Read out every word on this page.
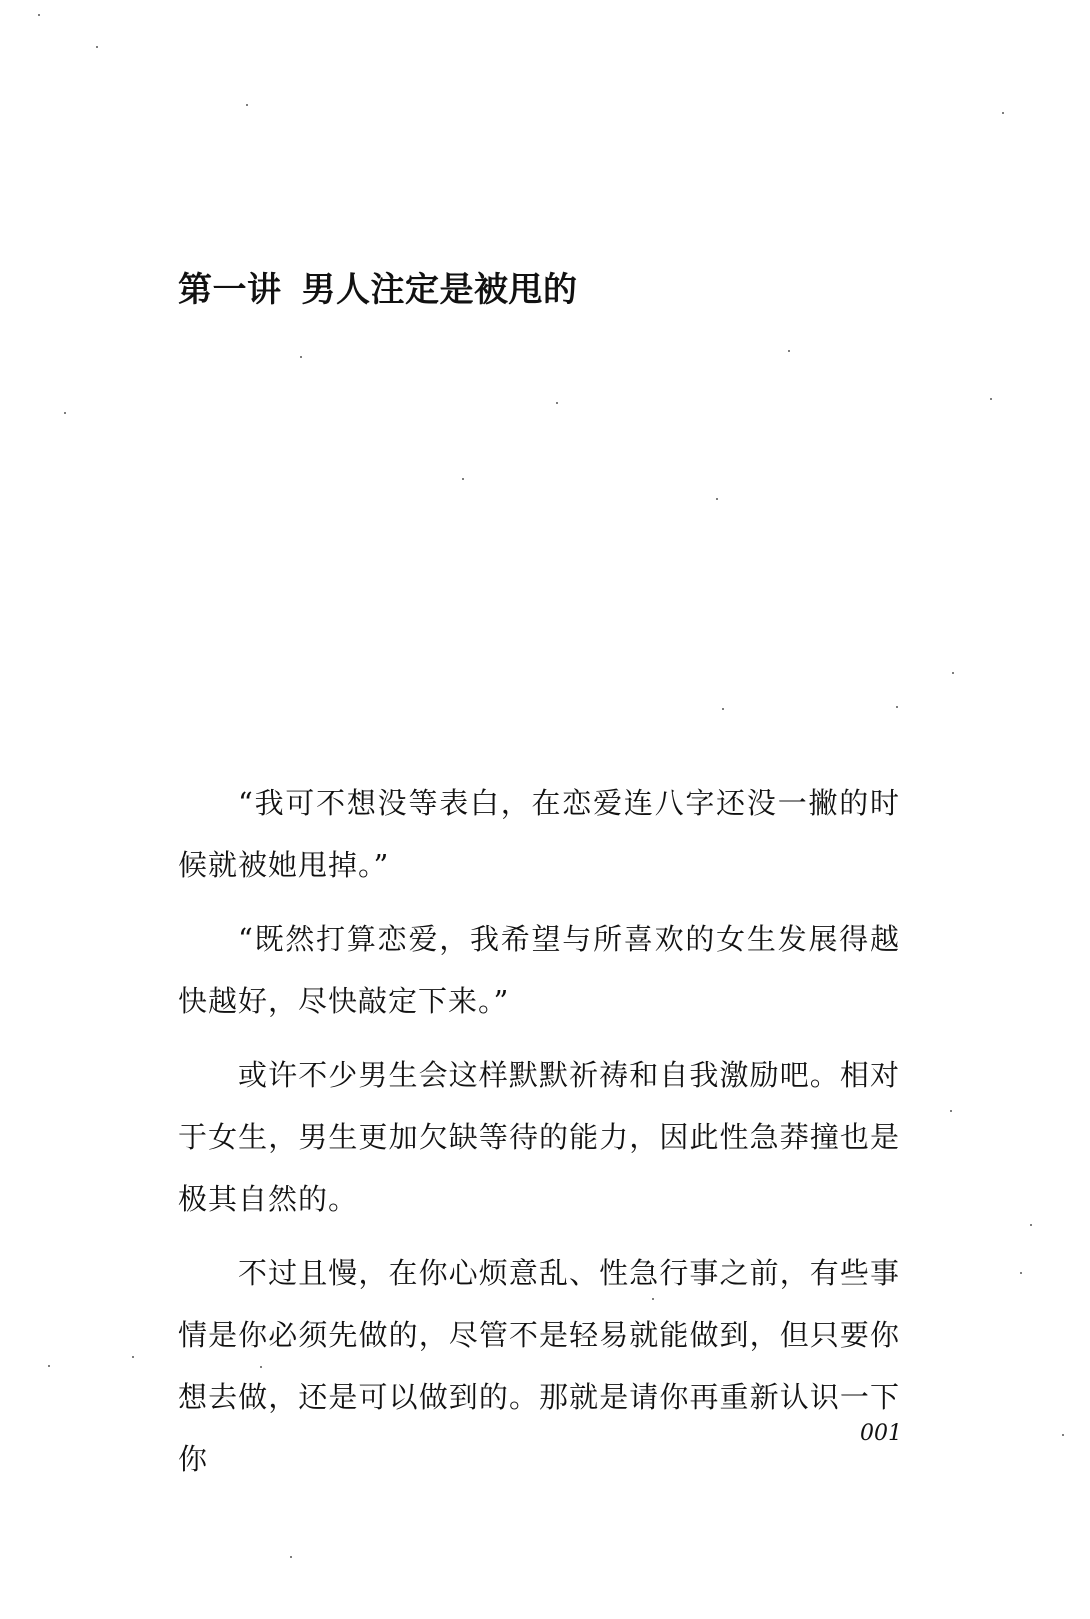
第一讲 男人注定是被甩的

“我可不想没等表白，在恋爱连八字还没一撇的时候就被她甩掉。”

“既然打算恋爱，我希望与所喜欢的女生发展得越快越好，尽快敲定下来。”

或许不少男生会这样默默祈祷和自我激励吧。相对于女生，男生更加欠缺等待的能力，因此性急莽撞也是极其自然的。

不过且慢，在你心烦意乱、性急行事之前，有些事情是你必须先做的，尽管不是轻易就能做到，但只要你想去做，还是可以做到的。那就是请你再重新认识一下你

001
